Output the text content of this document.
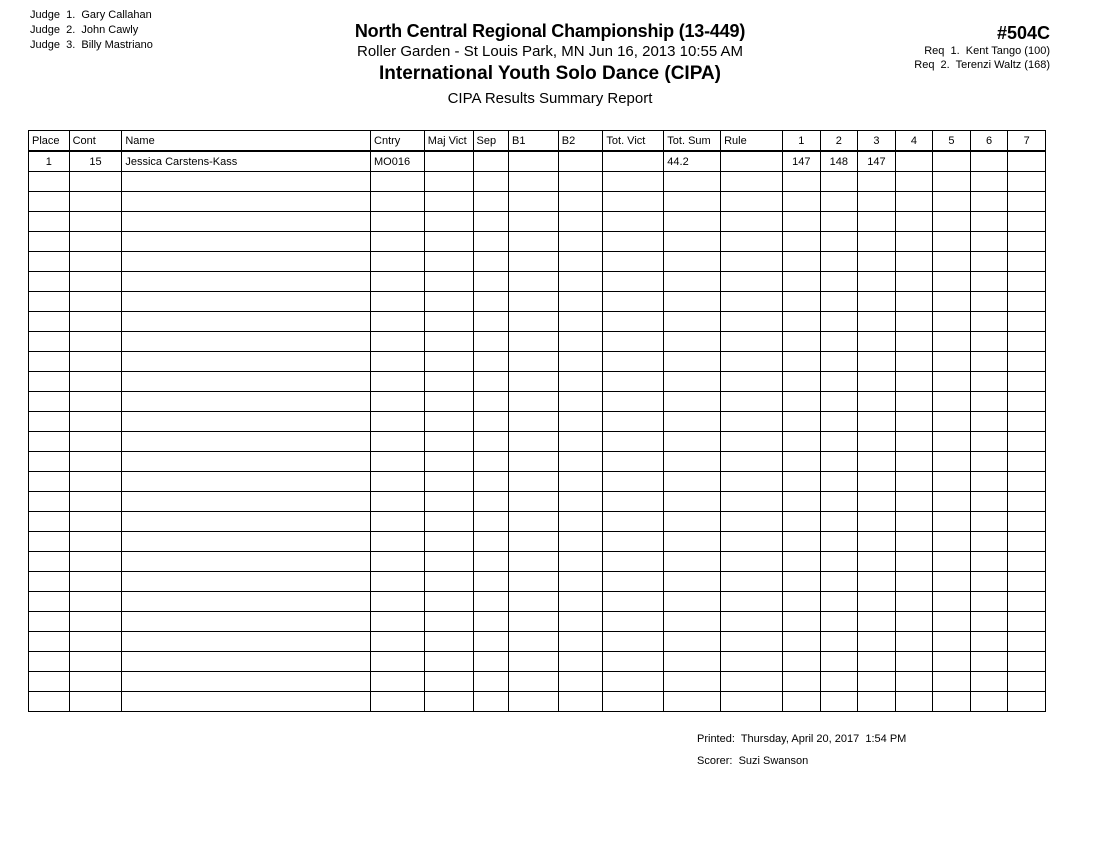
Judge  1.  Gary Callahan
Judge  2.  John Cawly
Judge  3.  Billy Mastriano
North Central Regional Championship (13-449)
Roller Garden - St Louis Park, MN Jun 16, 2013 10:55 AM
International Youth Solo Dance (CIPA)
CIPA Results Summary Report
#504C
Req  1.  Kent Tango (100)
Req  2.  Terenzi Waltz (168)
Place	Cont	Name	Cntry	Maj Vict	Sep	B1	B2	Tot. Vict	Tot. Sum	Rule	1	2	3	4	5	6	7
1	15	Jessica Carstens-Kass	MO016						44.2		147	148	147				

Printed:  Thursday, April 20, 2017  1:54 PM
Scorer:  Suzi Swanson
